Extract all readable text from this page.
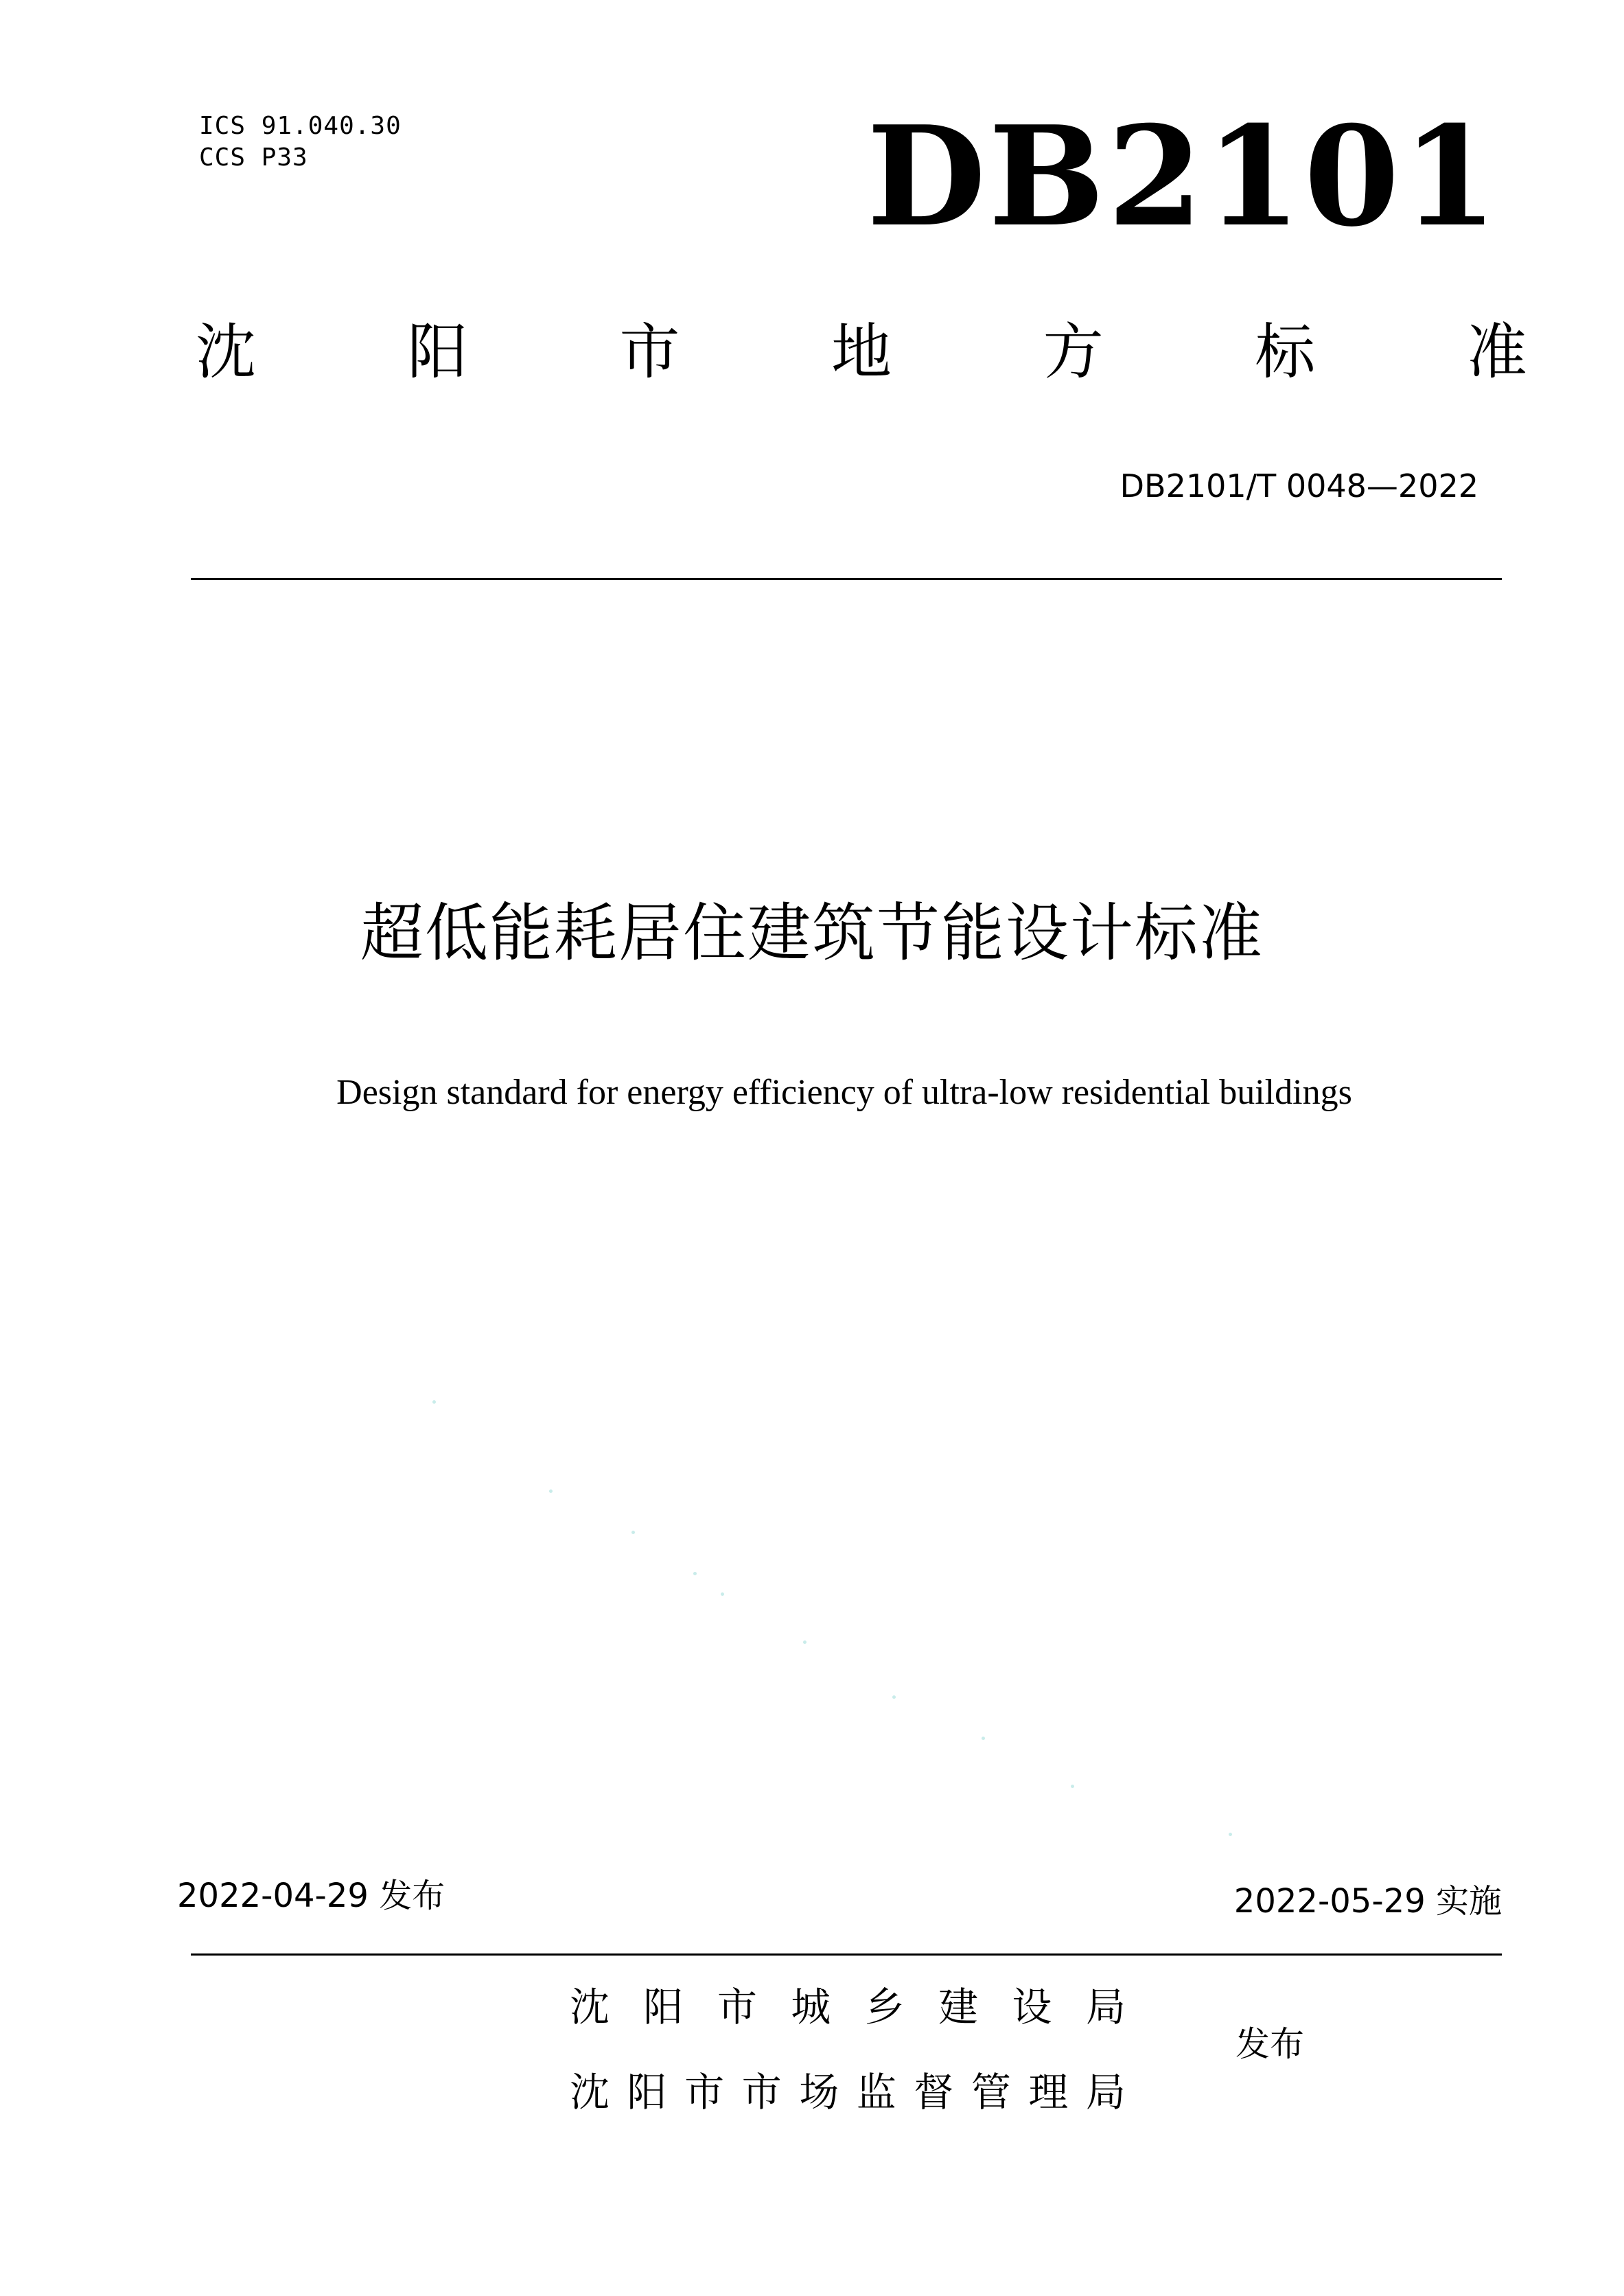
ICS 91.040.30
CCS P33	DB2101
沈	阳	市	地	方	标	准
DB2101/T 0048—2022
超低能耗居住建筑节能设计标准
Design standard for energy efficiency of ultra-low residential buildings
2022-04-29 发布	2022-05-29 实施
沈 阳 市 城 乡 建 设 局
沈 阳 市 市 场 监 督 管 理 局
发布
